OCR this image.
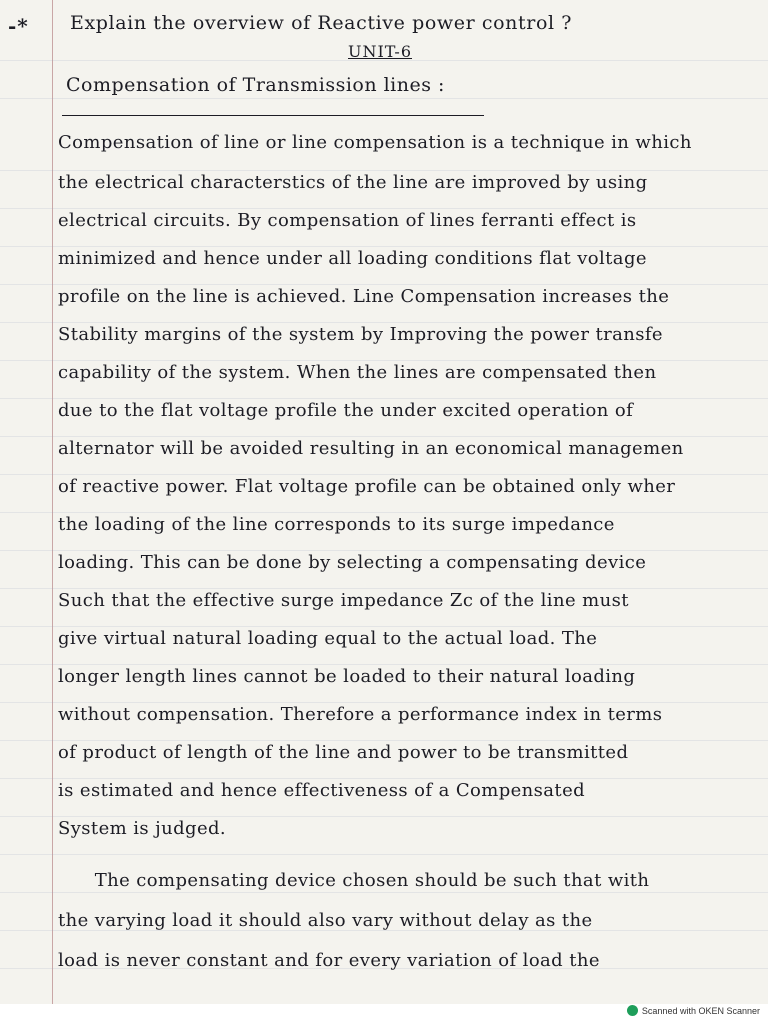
-* Explain the overview of Reactive power control ?
UNIT-6
Compensation of Transmission lines :
Compensation of line or line compensation is a technique in which
the electrical characterstics of the line are improved by using
electrical circuits. By compensation of lines ferranti effect is
minimized and hence under all loading conditions flat voltage
profile on the line is achieved. Line Compensation increases the
Stability margins of the system by Improving the power transfe
capability of the system. When the lines are compensated then
due to the flat voltage profile the under excited operation of
alternator will be avoided resulting in an economical managemen
of reactive power. Flat voltage profile can be obtained only wher
the loading of the line corresponds to its surge impedance
loading. This can be done by selecting a compensating device
Such that the effective surge impedance Zc of the line must
give virtual natural loading equal to the actual load. The
longer length lines cannot be loaded to their natural loading
without compensation. Therefore a performance index in terms
of product of length of the line and power to be transmitted
is estimated and hence effectiveness of a Compensated
System is judged.
The compensating device chosen should be such that with
the varying load it should also vary without delay as the
load is never constant and for every variation of load the
Scanned with OKEN Scanner
